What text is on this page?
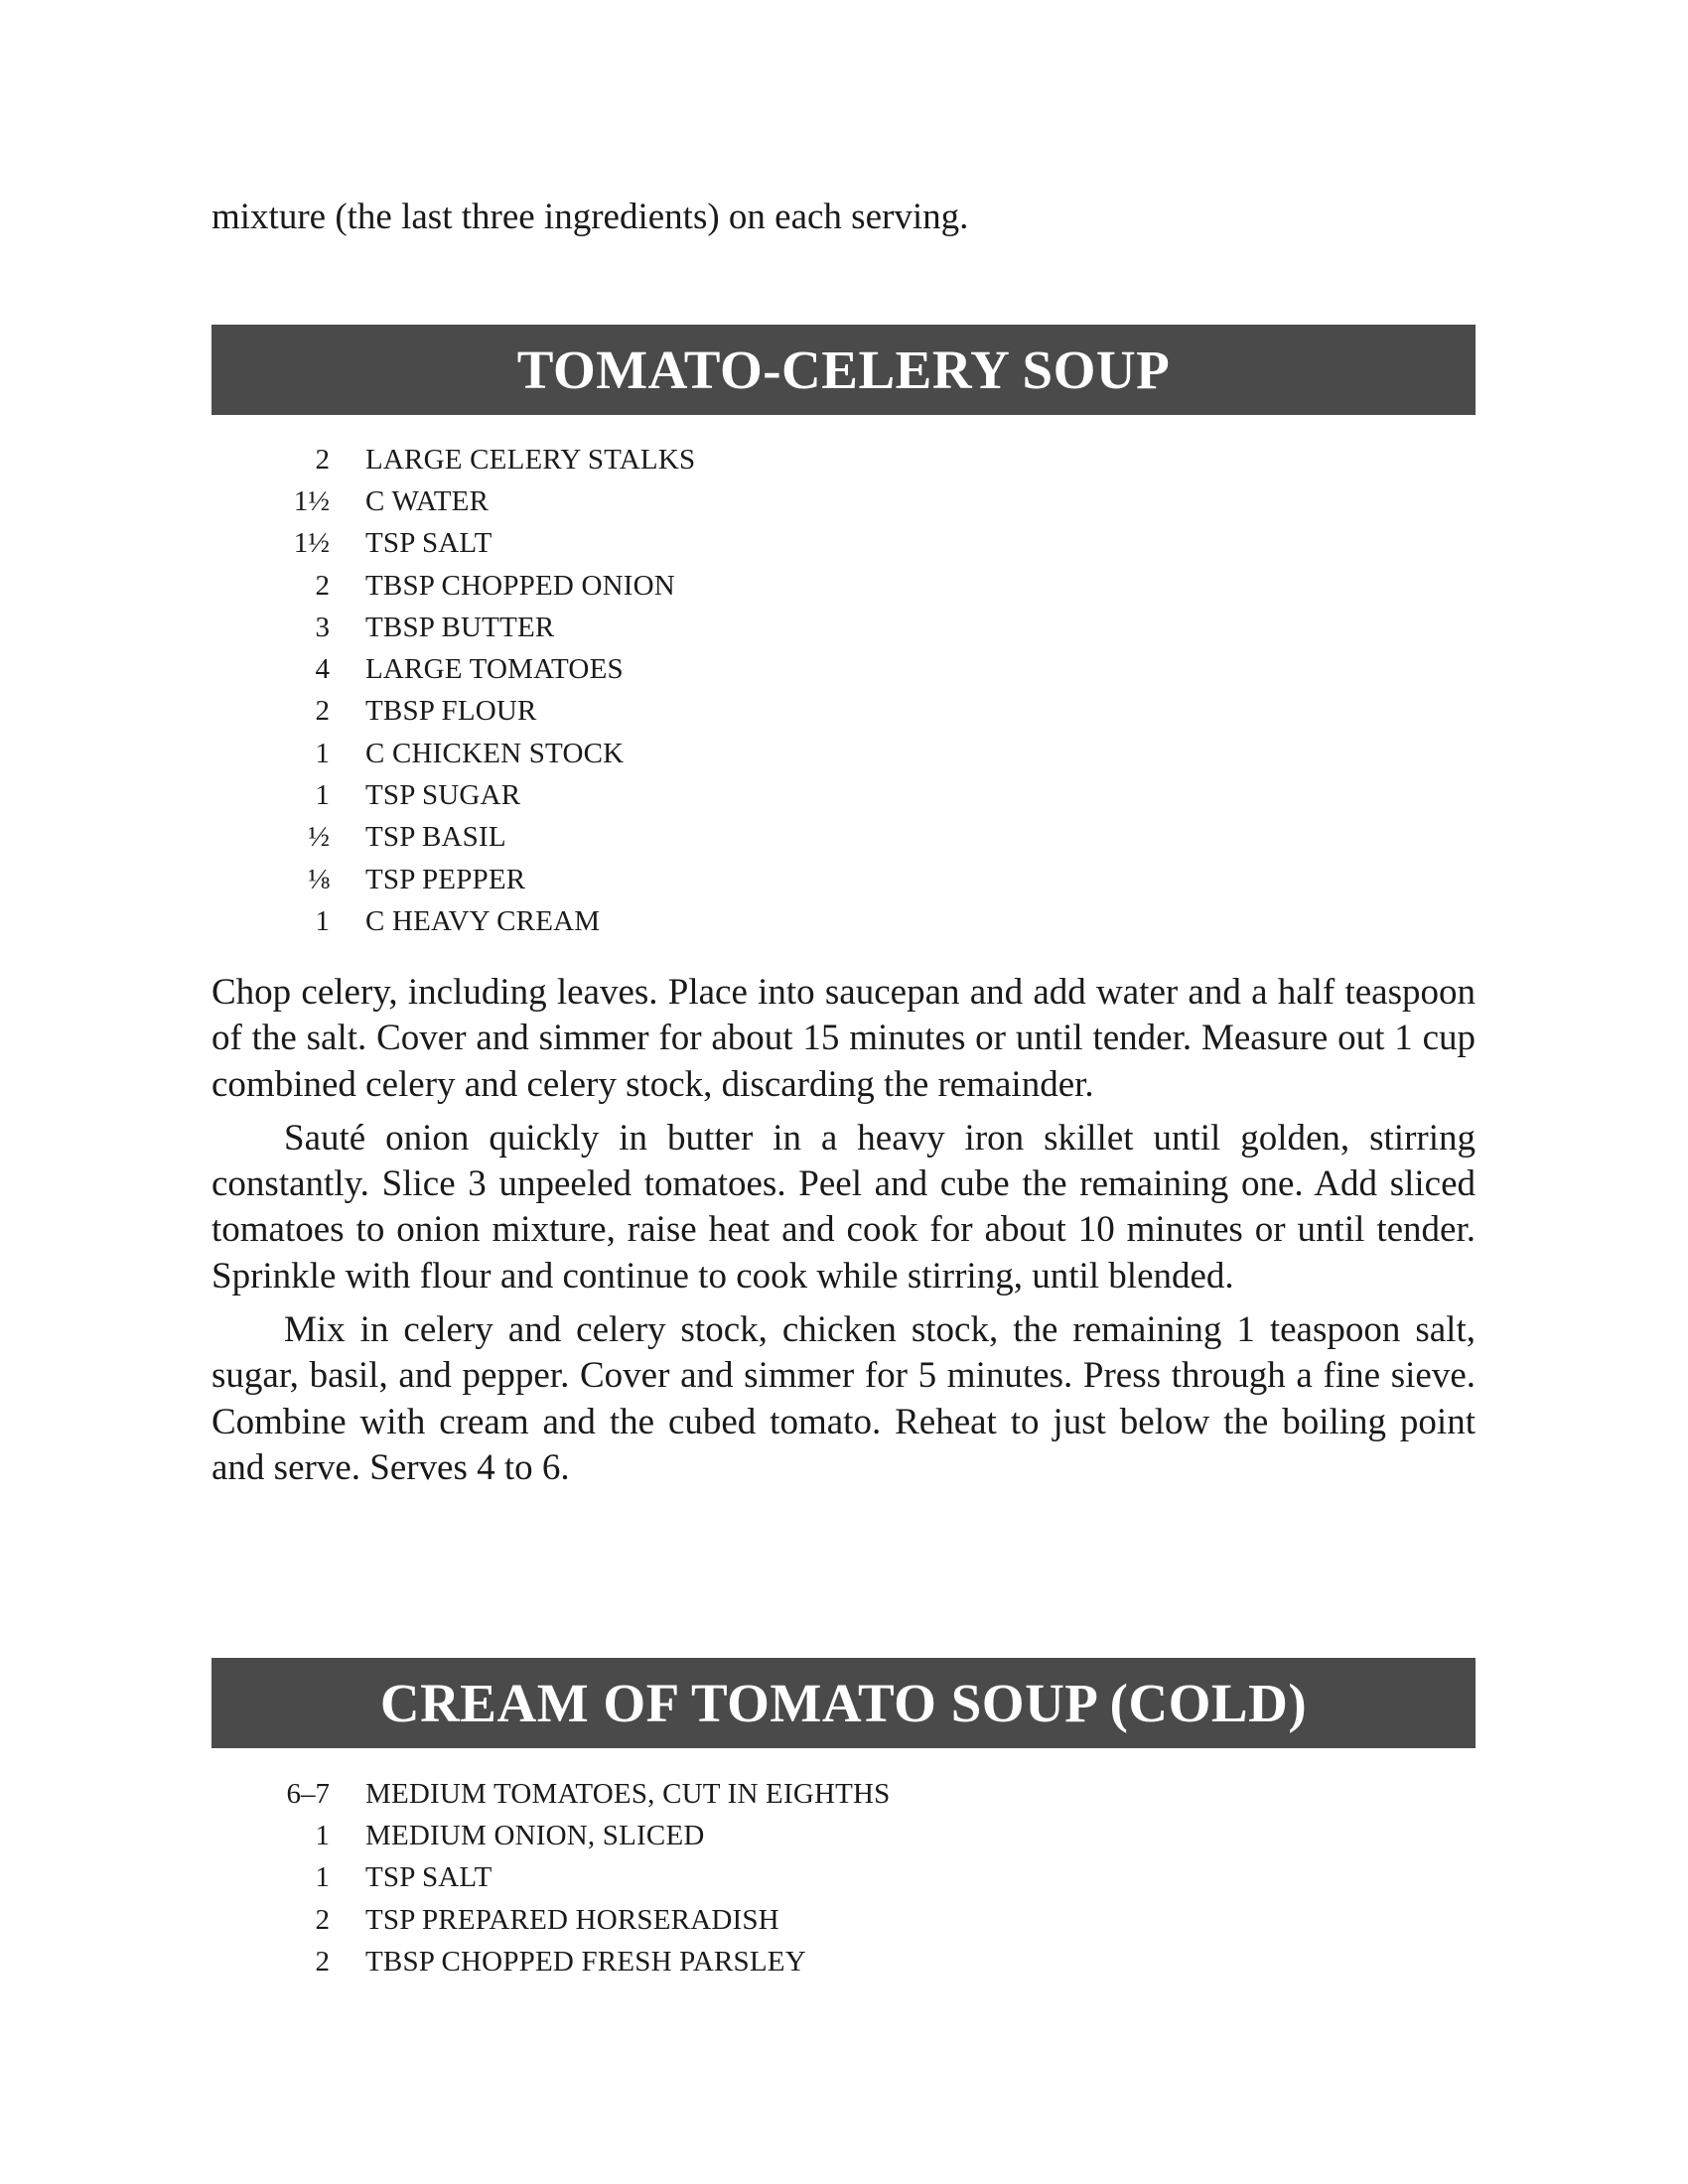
mixture (the last three ingredients) on each serving.
TOMATO-CELERY SOUP
2	LARGE CELERY STALKS
1½	C WATER
1½	TSP SALT
2	TBSP CHOPPED ONION
3	TBSP BUTTER
4	LARGE TOMATOES
2	TBSP FLOUR
1	C CHICKEN STOCK
1	TSP SUGAR
½	TSP BASIL
⅛	TSP PEPPER
1	C HEAVY CREAM

Chop celery, including leaves. Place into saucepan and add water and a half teaspoon of the salt. Cover and simmer for about 15 minutes or until tender. Measure out 1 cup combined celery and celery stock, discarding the remainder.

Sauté onion quickly in butter in a heavy iron skillet until golden, stirring constantly. Slice 3 unpeeled tomatoes. Peel and cube the remaining one. Add sliced tomatoes to onion mixture, raise heat and cook for about 10 minutes or until tender. Sprinkle with flour and continue to cook while stirring, until blended.

Mix in celery and celery stock, chicken stock, the remaining 1 teaspoon salt, sugar, basil, and pepper. Cover and simmer for 5 minutes. Press through a fine sieve. Combine with cream and the cubed tomato. Reheat to just below the boiling point and serve. Serves 4 to 6.

CREAM OF TOMATO SOUP (COLD)
6–7	MEDIUM TOMATOES, CUT IN EIGHTHS
1	MEDIUM ONION, SLICED
1	TSP SALT
2	TSP PREPARED HORSERADISH
2	TBSP CHOPPED FRESH PARSLEY
